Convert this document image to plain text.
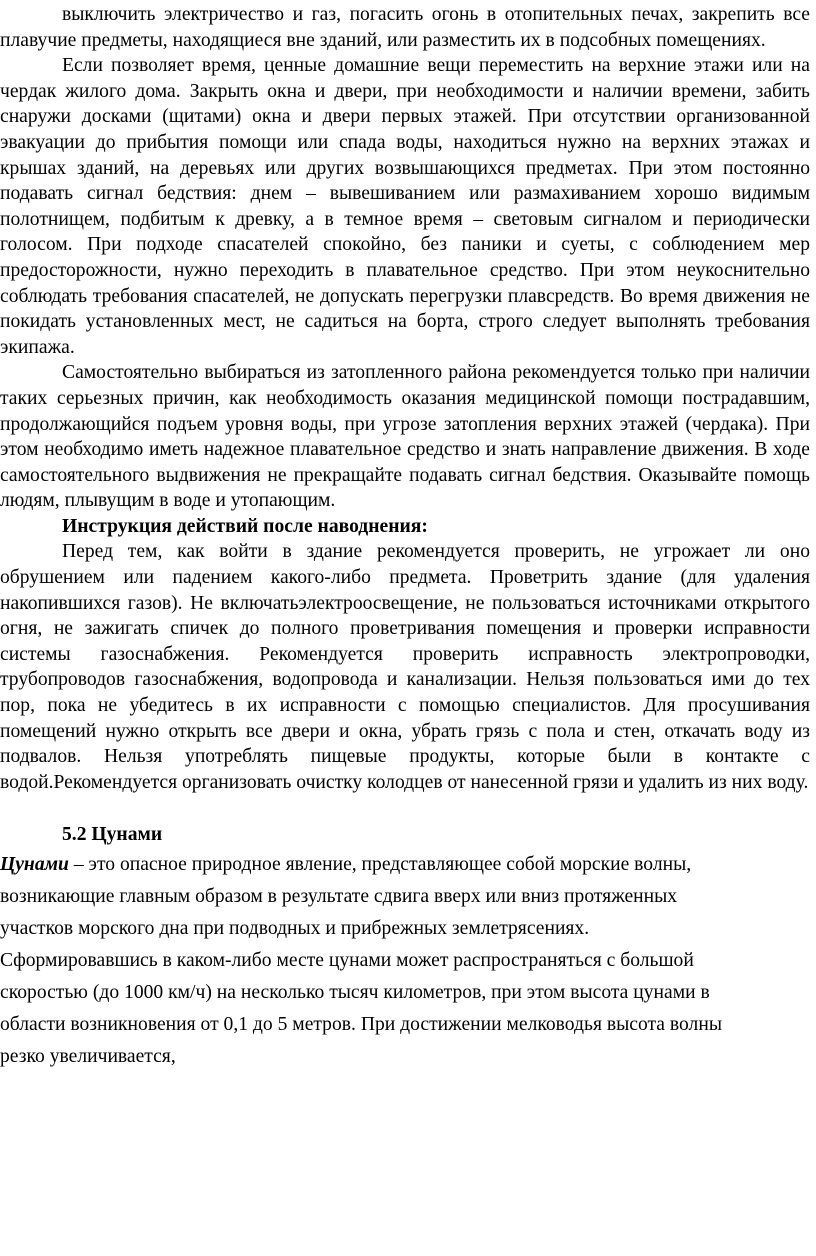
выключить электричество и газ, погасить огонь в отопительных печах, закрепить все плавучие предметы, находящиеся вне зданий, или разместить их в подсобных помещениях.

Если позволяет время, ценные домашние вещи переместить на верхние этажи или на чердак жилого дома. Закрыть окна и двери, при необходимости и наличии времени, забить снаружи досками (щитами) окна и двери первых этажей. При отсутствии организованной эвакуации до прибытия помощи или спада воды, находиться нужно на верхних этажах и крышах зданий, на деревьях или других возвышающихся предметах. При этом постоянно подавать сигнал бедствия: днем – вывешиванием или размахиванием хорошо видимым полотнищем, подбитым к древку, а в темное время – световым сигналом и периодически голосом. При подходе спасателей спокойно, без паники и суеты, с соблюдением мер предосторожности, нужно переходить в плавательное средство. При этом неукоснительно соблюдать требования спасателей, не допускать перегрузки плавсредств. Во время движения не покидать установленных мест, не садиться на борта, строго следует выполнять требования экипажа.

Самостоятельно выбираться из затопленного района рекомендуется только при наличии таких серьезных причин, как необходимость оказания медицинской помощи пострадавшим, продолжающийся подъем уровня воды, при угрозе затопления верхних этажей (чердака). При этом необходимо иметь надежное плавательное средство и знать направление движения. В ходе самостоятельного выдвижения не прекращайте подавать сигнал бедствия. Оказывайте помощь людям, плывущим в воде и утопающим.

Инструкция действий после наводнения:

Перед тем, как войти в здание рекомендуется проверить, не угрожает ли оно обрушением или падением какого-либо предмета. Проветрить здание (для удаления накопившихся газов). Не включатьэлектроосвещение, не пользоваться источниками открытого огня, не зажигать спичек до полного проветривания помещения и проверки исправности системы газоснабжения. Рекомендуется проверить исправность электропроводки, трубопроводов газоснабжения, водопровода и канализации. Нельзя пользоваться ими до тех пор, пока не убедитесь в их исправности с помощью специалистов. Для просушивания помещений нужно открыть все двери и окна, убрать грязь с пола и стен, откачать воду из подвалов. Нельзя употреблять пищевые продукты, которые были в контакте с водой.Рекомендуется организовать очистку колодцев от нанесенной грязи и удалить из них воду.

5.2 Цунами

Цунами – это опасное природное явление, представляющее собой морские волны, возникающие главным образом в результате сдвига вверх или вниз протяженных участков морского дна при подводных и прибрежных землетрясениях. Сформировавшись в каком-либо месте цунами может распространяться с большой скоростью (до 1000 км/ч) на несколько тысяч километров, при этом высота цунами в области возникновения от 0,1 до 5 метров. При достижении мелководья высота волны резко увеличивается,
